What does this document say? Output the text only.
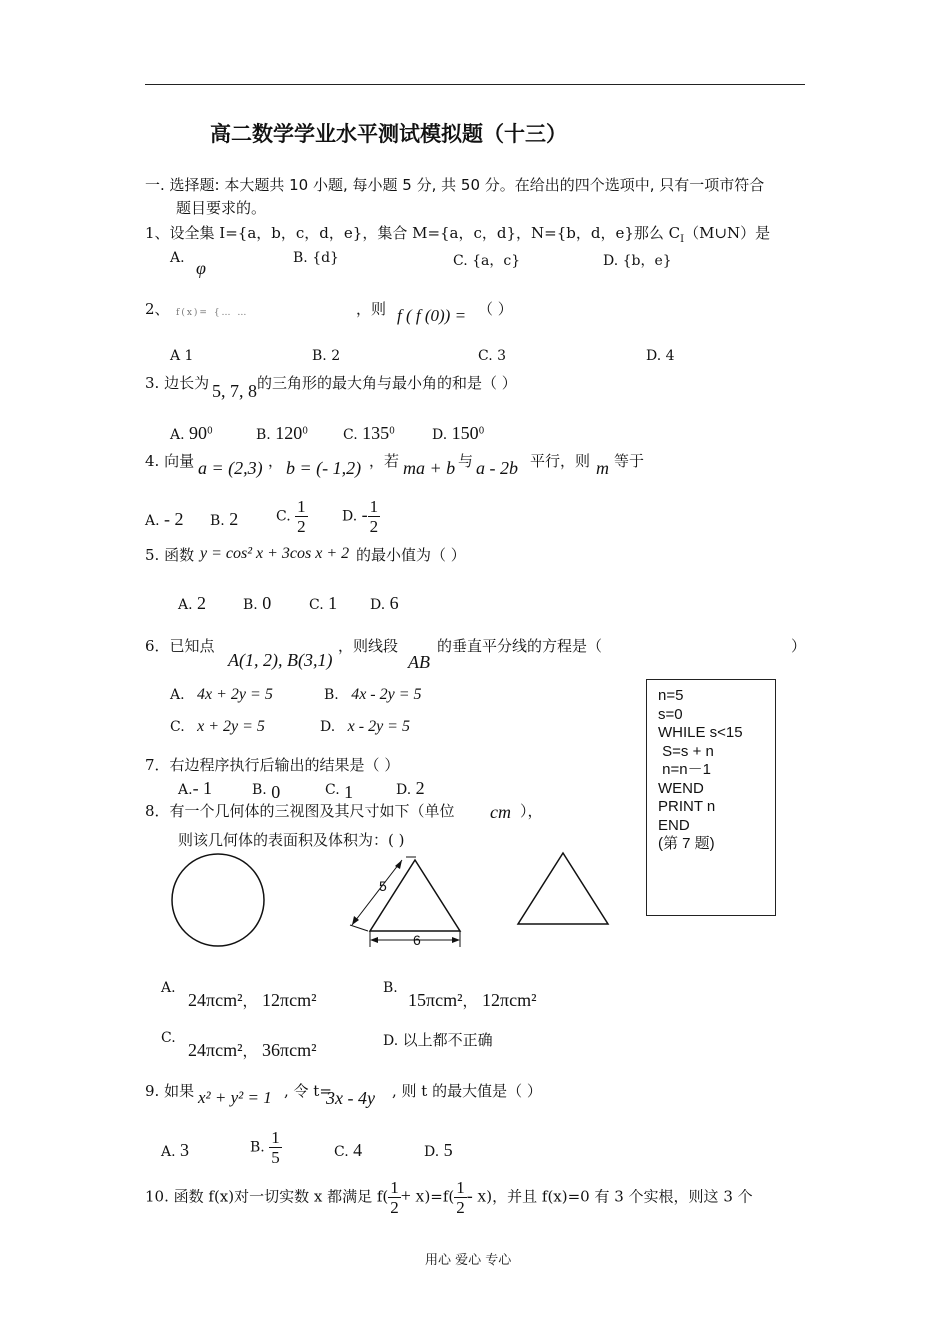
高二数学学业水平测试模拟题（十三）
一. 选择题: 本大题共 10 小题, 每小题 5 分, 共 50 分。在给出的四个选项中, 只有一项市符合
题目要求的。
1、设全集 I={a，b，c，d，e}，集合 M={a，c，d}，N={b，d，e}那么 $C_I(M\cup N)$是
A. φ	B. {d}	C. {a，c}	D. {b，e}
2、 f(x)= {… …	，则 f ( f (0)) = （ ）
A 1	B. 2	C. 3	D. 4
3. 边长为 5, 7, 8 的三角形的最大角与最小角的和是（ ）
A. $90^0$	B. $120^0$	C. $135^0$	D. $150^0$
4. 向量 a = (2,3) ， b = (- 1,2) ，若 ma + b 与 a - 2b 平行，则 m 等于
A. - 2 B. 2	C. $\frac{1}{2} D$. - $\frac{1}{2}$
5. 函数 y = cos² x + 3cos x + 2 的最小值为（ ）
A. 2	B. 0	C. 1 D. 6
6．已知点
A(1, 2), B(3,1)
，则线段
AB
的垂直平分线的方程是（	）
A. 4x + 2y = 5	B. 4x - 2y = 5
C. x + 2y = 5	D. x - 2y = 5
n=5
s=0
WHILE s<15
S=s + n
n=n－1
WEND
PRINT n
END
(第 7 题)
7．右边程序执行后输出的结果是（ ）
A.- 1	B. 0	C. 1	D. 2
8．有一个几何体的三视图及其尺寸如下（单位 cm ），
则该几何体的表面积及体积为：( )
5
6
A.
24πcm²， 12πcm²
B.
15πcm²， 12πcm²
C.
24πcm²， 36πcm²	D. 以上都不正确
9. 如果 x² + y² = 1 , 令 t=
3x - 4y , 则 t 的最大值是（ ）
A. 3	B. $\frac{1}{5}$	C. 4	D. 5
10. 函数 f(x)对一切实数 x 都满足 $f( \frac{1}{2} + x)=f( \frac{1}{2} - x)$，并且 f(x)=0 有 3 个实根，则这 3 个
用心 爱心 专心
